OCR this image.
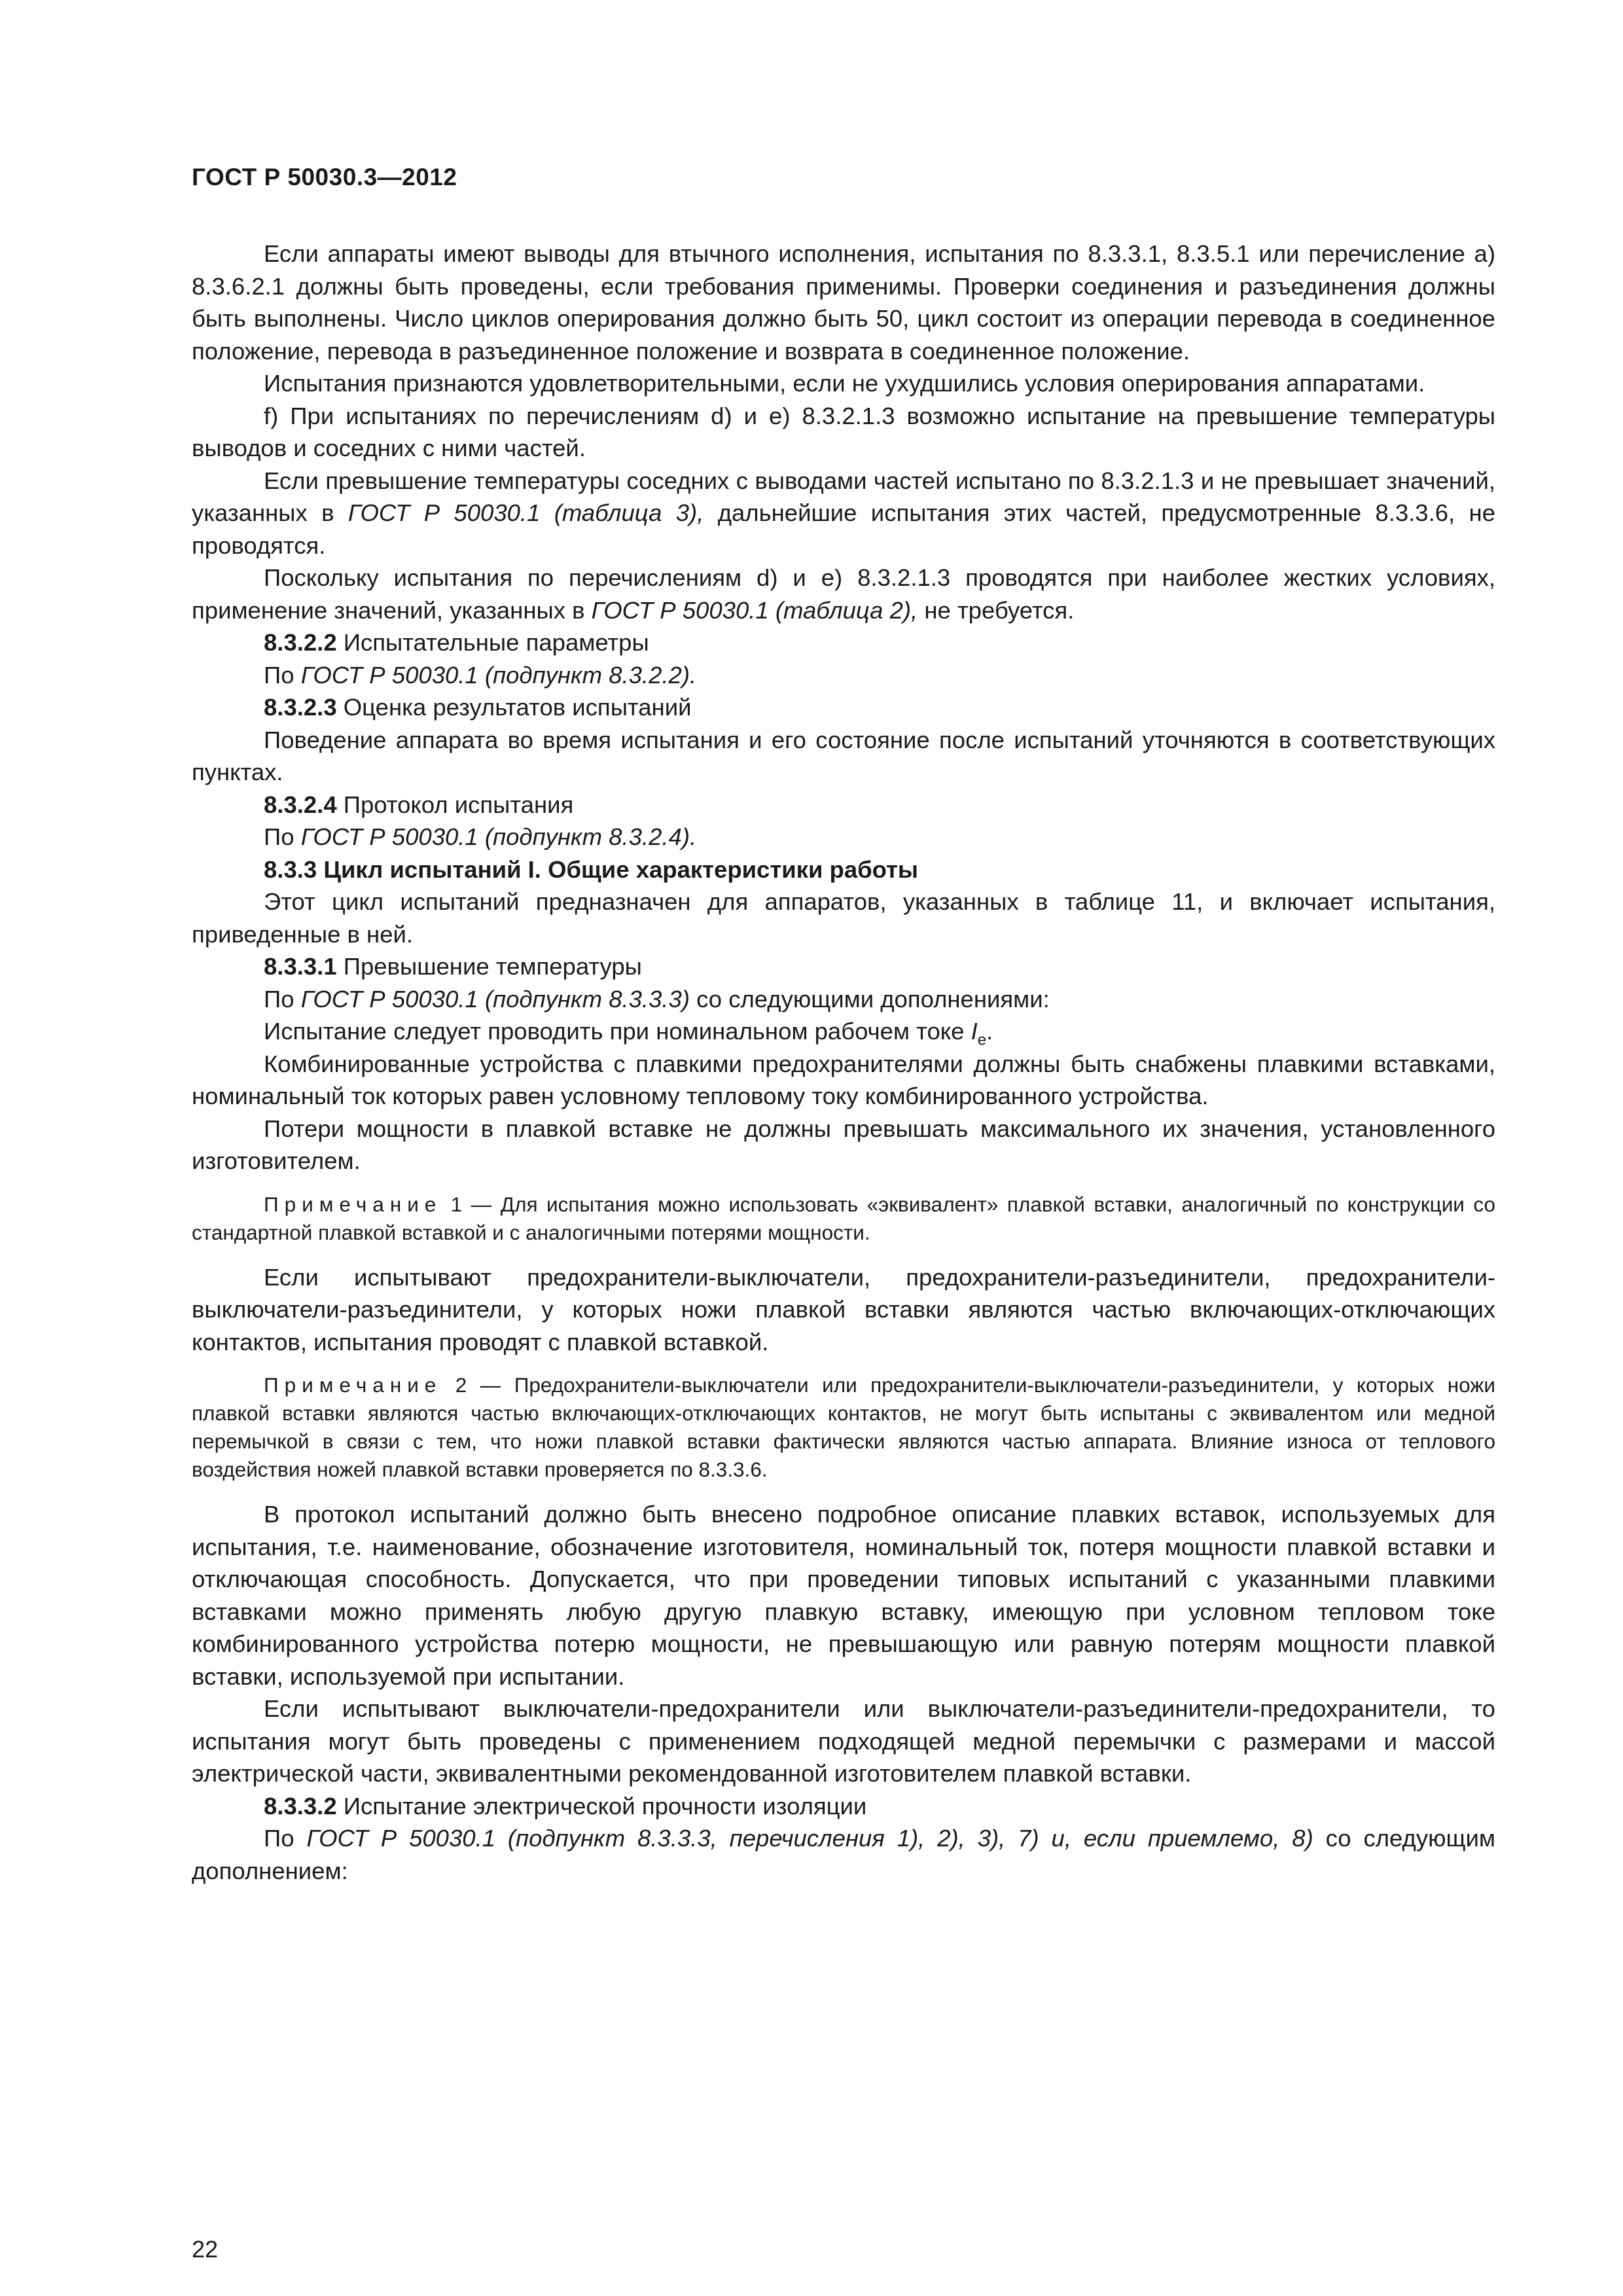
ГОСТ Р 50030.3—2012

Если аппараты имеют выводы для втычного исполнения, испытания по 8.3.3.1, 8.3.5.1 или перечисление а) 8.3.6.2.1 должны быть проведены, если требования применимы. Проверки соединения и разъединения должны быть выполнены. Число циклов оперирования должно быть 50, цикл состоит из операции перевода в соединенное положение, перевода в разъединенное положение и возврата в соединенное положение.

Испытания признаются удовлетворительными, если не ухудшились условия оперирования аппаратами.

f) При испытаниях по перечислениям d) и е) 8.3.2.1.3 возможно испытание на превышение температуры выводов и соседних с ними частей.

Если превышение температуры соседних с выводами частей испытано по 8.3.2.1.3 и не превышает значений, указанных в ГОСТ Р 50030.1 (таблица 3), дальнейшие испытания этих частей, предусмотренные 8.3.3.6, не проводятся.

Поскольку испытания по перечислениям d) и е) 8.3.2.1.3 проводятся при наиболее жестких условиях, применение значений, указанных в ГОСТ Р 50030.1 (таблица 2), не требуется.

8.3.2.2 Испытательные параметры

По ГОСТ Р 50030.1 (подпункт 8.3.2.2).

8.3.2.3 Оценка результатов испытаний

Поведение аппарата во время испытания и его состояние после испытаний уточняются в соответствующих пунктах.

8.3.2.4 Протокол испытания

По ГОСТ Р 50030.1 (подпункт 8.3.2.4).

8.3.3 Цикл испытаний I. Общие характеристики работы

Этот цикл испытаний предназначен для аппаратов, указанных в таблице 11, и включает испытания, приведенные в ней.

8.3.3.1 Превышение температуры

По ГОСТ Р 50030.1 (подпункт 8.3.3.3) со следующими дополнениями:

Испытание следует проводить при номинальном рабочем токе $I_e$.

Комбинированные устройства с плавкими предохранителями должны быть снабжены плавкими вставками, номинальный ток которых равен условному тепловому току комбинированного устройства.

Потери мощности в плавкой вставке не должны превышать максимального их значения, установленного изготовителем.

Примечание 1 — Для испытания можно использовать «эквивалент» плавкой вставки, аналогичный по конструкции со стандартной плавкой вставкой и с аналогичными потерями мощности.

Если испытывают предохранители-выключатели, предохранители-разъединители, предохранители-выключатели-разъединители, у которых ножи плавкой вставки являются частью включающих-отключающих контактов, испытания проводят с плавкой вставкой.

Примечание 2 — Предохранители-выключатели или предохранители-выключатели-разъединители, у которых ножи плавкой вставки являются частью включающих-отключающих контактов, не могут быть испытаны с эквивалентом или медной перемычкой в связи с тем, что ножи плавкой вставки фактически являются частью аппарата. Влияние износа от теплового воздействия ножей плавкой вставки проверяется по 8.3.3.6.

В протокол испытаний должно быть внесено подробное описание плавких вставок, используемых для испытания, т.е. наименование, обозначение изготовителя, номинальный ток, потеря мощности плавкой вставки и отключающая способность. Допускается, что при проведении типовых испытаний с указанными плавкими вставками можно применять любую другую плавкую вставку, имеющую при условном тепловом токе комбинированного устройства потерю мощности, не превышающую или равную потерям мощности плавкой вставки, используемой при испытании.

Если испытывают выключатели-предохранители или выключатели-разъединители-предохранители, то испытания могут быть проведены с применением подходящей медной перемычки с размерами и массой электрической части, эквивалентными рекомендованной изготовителем плавкой вставки.

8.3.3.2 Испытание электрической прочности изоляции

По ГОСТ Р 50030.1 (подпункт 8.3.3.3, перечисления 1), 2), 3), 7) и, если приемлемо, 8) со следующим дополнением:

22
